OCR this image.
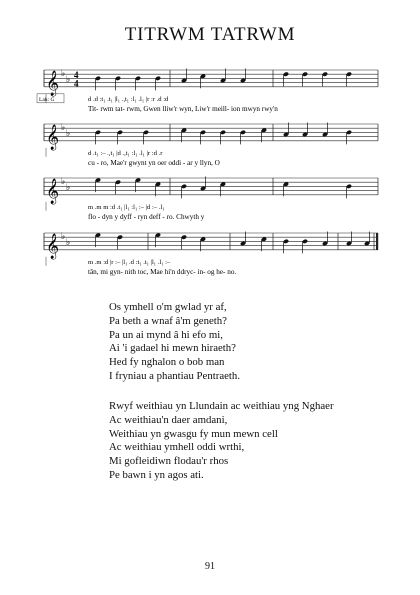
TITRWM TATRWM
𝄞 ♭
♭ 4
4
d .d :t₁ .t₁ |l₁ .,t₁ :l₁ .l₁ |r :r .d :d
Tit- rwm tat- rwm, Gwen lliw'r wyn, Liw'r meill- ion mwyn rwy'n
Lah: G
𝄞 ♭
♭
d .t₁ :– .,t₁ |d .,t₁ :l₁ .l₁ |r :d .r
cu - ro, Mae'r gwynt yn oer oddi - ar y llyn, O
𝄞 ♭
♭
m .m m :d .t₁ |l₁ :l₁ :– |d :– .l₁
flo - dyn y dyff - ryn deff - ro. Chwyth y
𝄞 ♭
♭
m .m :d |r :– |l₁ .d :t₁ .t₁ |l₁ .l₁ :–
tân, mi gyn- nith toc, Mae hi'n ddryc- in- og he- no.
Os ymhell o'm gwlad yr af,
Pa beth a wnaf â'm geneth?
Pa un ai mynd â hi efo mi,
Ai 'i gadael hi mewn hiraeth?
Hed fy nghalon o bob man
I fryniau a phantiau Pentraeth.
Rwyf weithiau yn Llundain ac weithiau yng Nghaer
Ac weithiau'n daer amdani,
Weithiau yn gwasgu fy mun mewn cell
Ac weithiau ymhell oddi wrthi,
Mi gofleidiwn flodau'r rhos
Pe bawn i yn agos ati.
91
